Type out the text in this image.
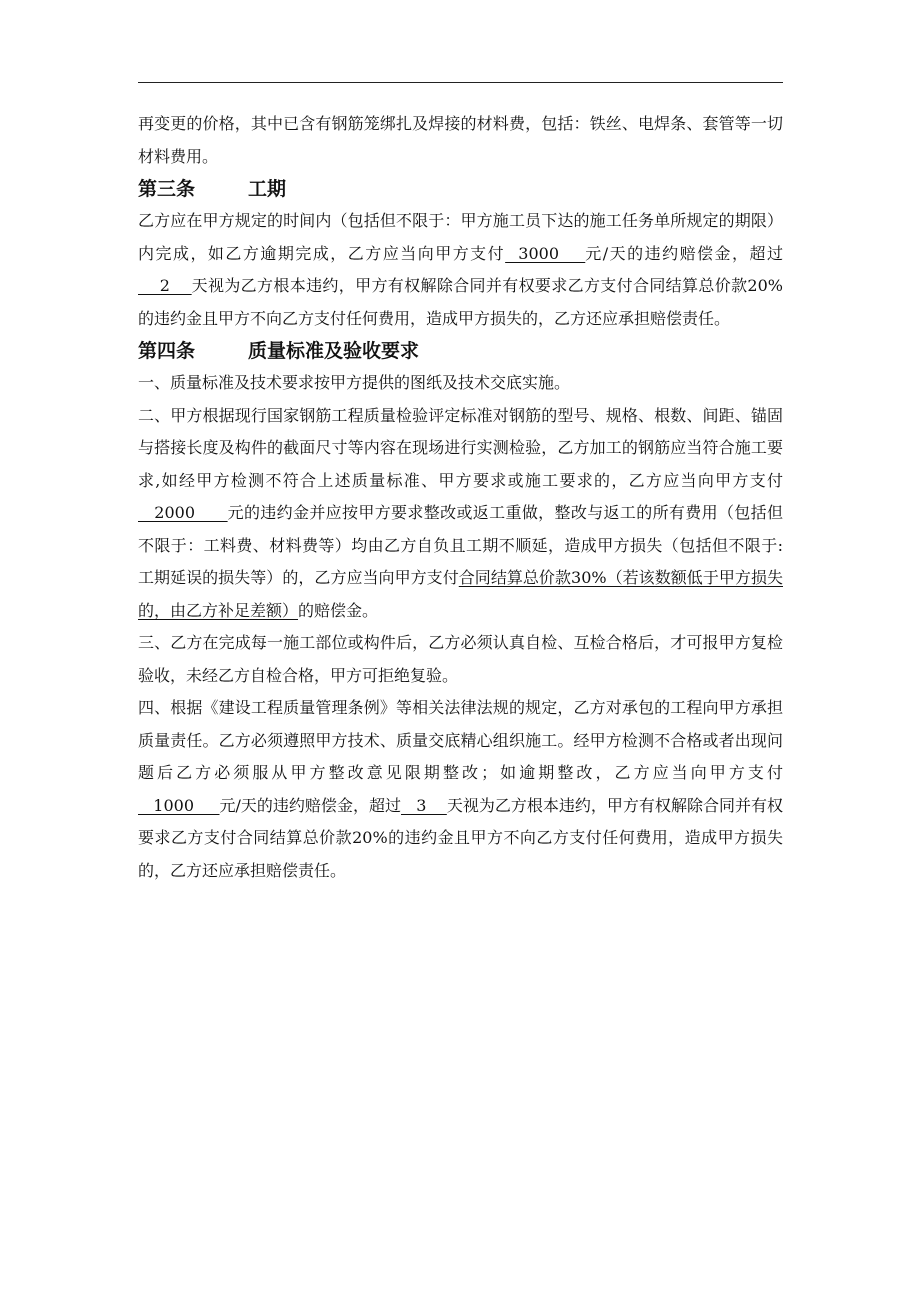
再变更的价格，其中已含有钢筋笼绑扎及焊接的材料费，包括：铁丝、电焊条、套管等一切材料费用。

第三条	工期

乙方应在甲方规定的时间内（包括但不限于：甲方施工员下达的施工任务单所规定的期限）内完成，如乙方逾期完成，乙方应当向甲方支付  3000    元/天的违约赔偿金，超过    2    天视为乙方根本违约，甲方有权解除合同并有权要求乙方支付合同结算总价款20%的违约金且甲方不向乙方支付任何费用，造成甲方损失的，乙方还应承担赔偿责任。

第四条	质量标准及验收要求

一、质量标准及技术要求按甲方提供的图纸及技术交底实施。

二、甲方根据现行国家钢筋工程质量检验评定标准对钢筋的型号、规格、根数、间距、锚固与搭接长度及构件的截面尺寸等内容在现场进行实测检验，乙方加工的钢筋应当符合施工要求,如经甲方检测不符合上述质量标准、甲方要求或施工要求的，乙方应当向甲方支付   2000      元的违约金并应按甲方要求整改或返工重做，整改与返工的所有费用（包括但不限于：工料费、材料费等）均由乙方自负且工期不顺延，造成甲方损失（包括但不限于:工期延误的损失等）的，乙方应当向甲方支付合同结算总价款30%（若该数额低于甲方损失的，由乙方补足差额）的赔偿金。

三、乙方在完成每一施工部位或构件后，乙方必须认真自检、互检合格后，才可报甲方复检验收，未经乙方自检合格，甲方可拒绝复验。

四、根据《建设工程质量管理条例》等相关法律法规的规定，乙方对承包的工程向甲方承担质量责任。乙方必须遵照甲方技术、质量交底精心组织施工。经甲方检测不合格或者出现问题后乙方必须服从甲方整改意见限期整改；如逾期整改，乙方应当向甲方支付   1000     元/天的违约赔偿金，超过   3    天视为乙方根本违约，甲方有权解除合同并有权要求乙方支付合同结算总价款20%的违约金且甲方不向乙方支付任何费用，造成甲方损失的，乙方还应承担赔偿责任。
